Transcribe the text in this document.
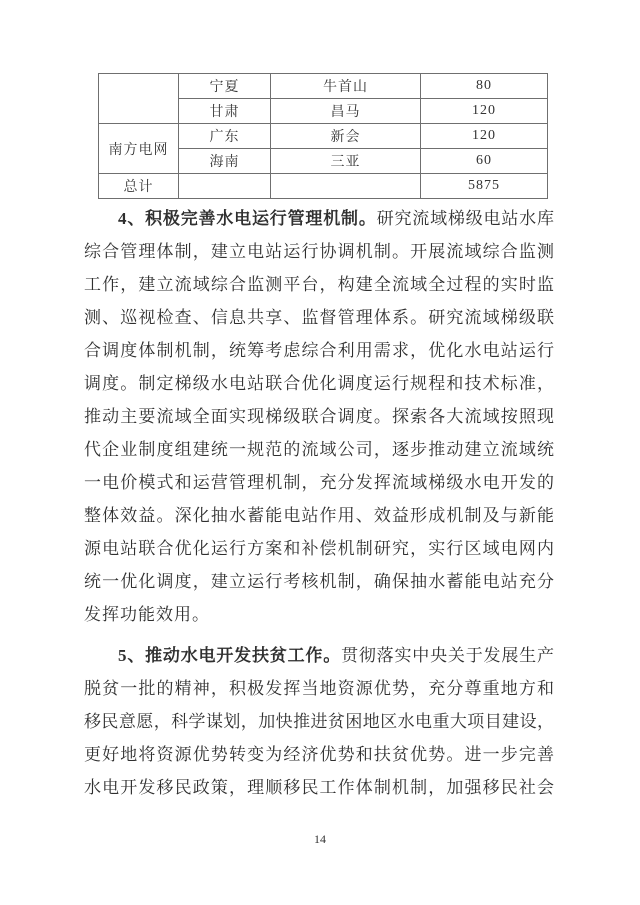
	宁夏	牛首山	80
	甘肃	昌马	120
南方电网	广东	新会	120
	海南	三亚	60
总计			5875
4、积极完善水电运行管理机制。研究流域梯级电站水库
综合管理体制，建立电站运行协调机制。开展流域综合监测
工作，建立流域综合监测平台，构建全流域全过程的实时监
测、巡视检查、信息共享、监督管理体系。研究流域梯级联
合调度体制机制，统筹考虑综合利用需求，优化水电站运行
调度。制定梯级水电站联合优化调度运行规程和技术标准，
推动主要流域全面实现梯级联合调度。探索各大流域按照现
代企业制度组建统一规范的流域公司，逐步推动建立流域统
一电价模式和运营管理机制，充分发挥流域梯级水电开发的
整体效益。深化抽水蓄能电站作用、效益形成机制及与新能
源电站联合优化运行方案和补偿机制研究，实行区域电网内
统一优化调度，建立运行考核机制，确保抽水蓄能电站充分
发挥功能效用。
5、推动水电开发扶贫工作。贯彻落实中央关于发展生产
脱贫一批的精神，积极发挥当地资源优势，充分尊重地方和
移民意愿，科学谋划，加快推进贫困地区水电重大项目建设，
更好地将资源优势转变为经济优势和扶贫优势。进一步完善
水电开发移民政策，理顺移民工作体制机制，加强移民社会
14
